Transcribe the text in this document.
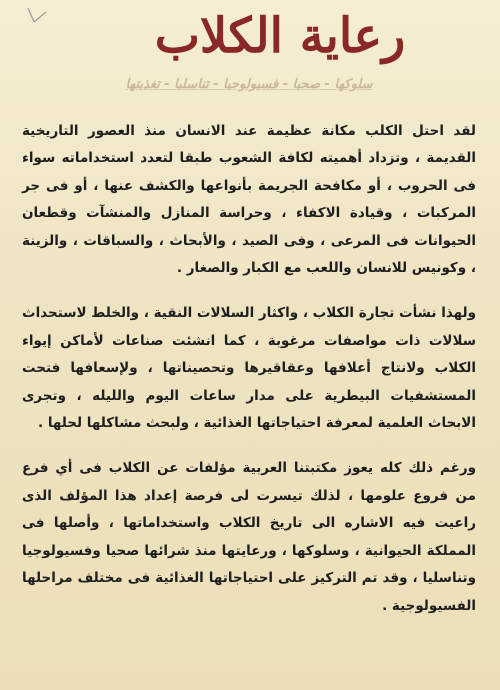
رعاية الكلاب
سلوكها - صحيا - فسيولوجيا - تناسليا - تغذيتها

لقد احتل الكلب مكانة عظيمة عند الانسان منذ العصور التاريخية القديمة ، وتزداد أهميته لكافة الشعوب طبقا لتعدد استخداماته سواء فى الحروب ، أو مكافحة الجريمة بأنواعها والكشف عنها ، أو فى جر المركبات ، وقيادة الاكفاء ، وحراسة المنازل والمنشآت وقطعان الحيوانات فى المرعى ، وفى الصيد ، والأبحاث ، والسباقات ، والزينة ، وكونيس للانسان واللعب مع الكبار والصغار .

ولهذا نشأت تجارة الكلاب ، واكثار السلالات النقية ، والخلط لاستحداث سلالات ذات مواصفات مرغوبة ، كما انشئت صناعات لأماكن إيواء الكلاب ولانتاج أعلافها وعقاقيرها وتحصيناتها ، ولإسعافها فتحت المستشفيات البيطرية على مدار ساعات اليوم والليله ، وتجرى الابحاث العلمية لمعرفة احتياجاتها الغذائية ، ولبحث مشاكلها لحلها .

ورغم ذلك كله يعوز مكتبتنا العربية مؤلفات عن الكلاب فى أي فرع من فروع علومها ، لذلك تيسرت لى فرصة إعداد هذا المؤلف الذى راعيت فيه الاشاره الى تاريخ الكلاب واستخداماتها ، وأصلها فى المملكة الحيوانية ، وسلوكها ، ورعايتها منذ شرائها صحيا وفسيولوجيا وتناسليا ، وقد تم التركيز على احتياجاتها الغذائية فى مختلف مراحلها الفسيولوجية .
